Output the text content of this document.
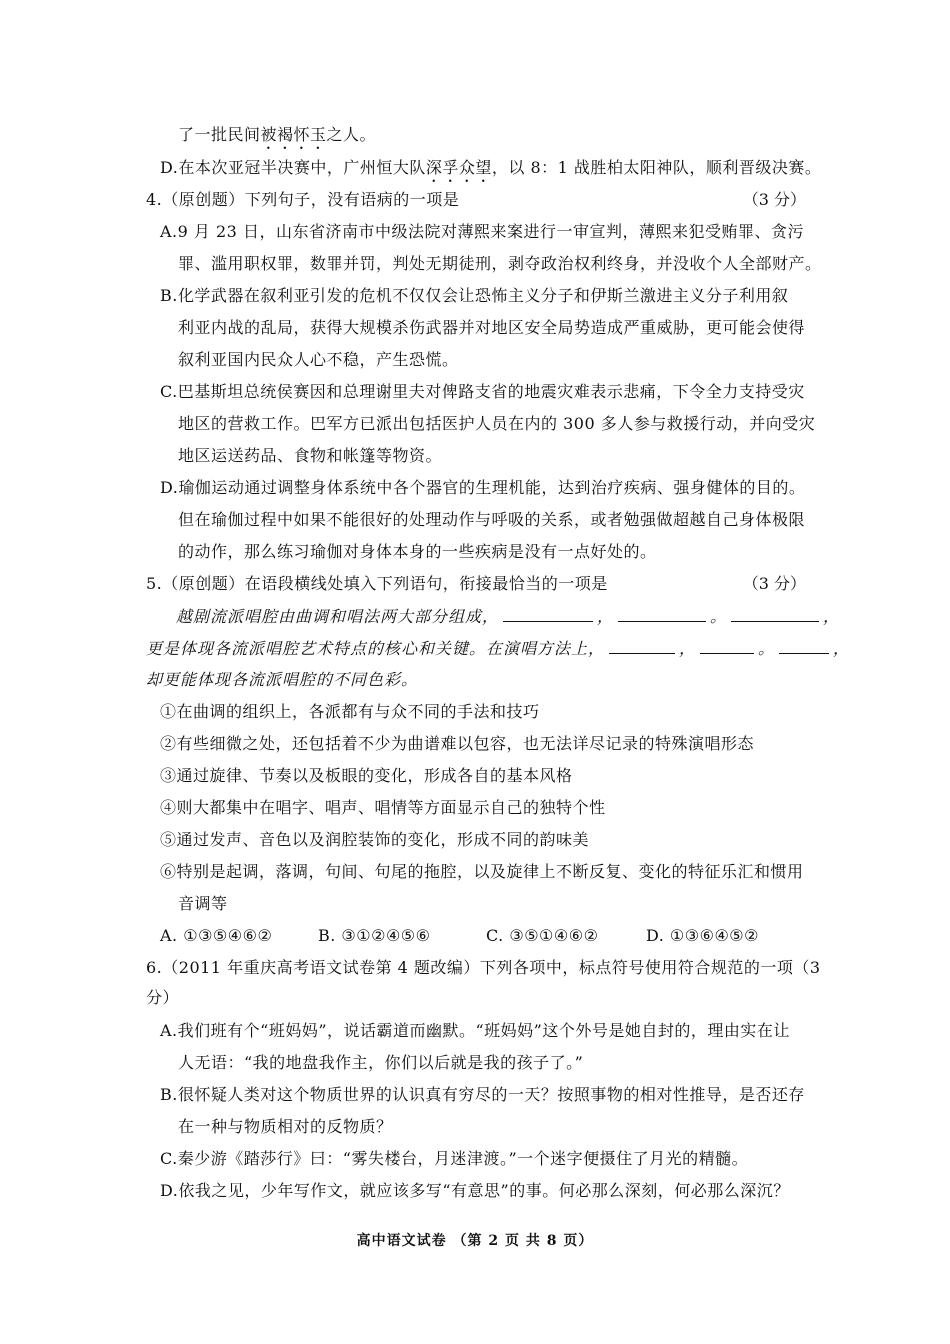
了一批民间被褐怀玉之人。
D.在本次亚冠半决赛中，广州恒大队深孚众望，以 8：1 战胜柏太阳神队，顺利晋级决赛。
4.（原创题）下列句子，没有语病的一项是	（3 分）
A.9 月 23 日，山东省济南市中级法院对薄熙来案进行一审宣判，薄熙来犯受贿罪、贪污
罪、滥用职权罪，数罪并罚，判处无期徒刑，剥夺政治权利终身，并没收个人全部财产。
B.化学武器在叙利亚引发的危机不仅仅会让恐怖主义分子和伊斯兰激进主义分子利用叙
利亚内战的乱局，获得大规模杀伤武器并对地区安全局势造成严重威胁，更可能会使得
叙利亚国内民众人心不稳，产生恐慌。
C.巴基斯坦总统侯赛因和总理谢里夫对俾路支省的地震灾难表示悲痛，下令全力支持受灾
地区的营救工作。巴军方已派出包括医护人员在内的 300 多人参与救援行动，并向受灾
地区运送药品、食物和帐篷等物资。
D.瑜伽运动通过调整身体系统中各个器官的生理机能，达到治疗疾病、强身健体的目的。
但在瑜伽过程中如果不能很好的处理动作与呼吸的关系，或者勉强做超越自己身体极限
的动作，那么练习瑜伽对身体本身的一些疾病是没有一点好处的。
5.（原创题）在语段横线处填入下列语句，衔接最恰当的一项是	（3 分）
越剧流派唱腔由曲调和唱法两大部分组成，	，	。	，
更是体现各流派唱腔艺术特点的核心和关键。在演唱方法上，	，	。	，
却更能体现各流派唱腔的不同色彩。
①在曲调的组织上，各派都有与众不同的手法和技巧
②有些细微之处，还包括着不少为曲谱难以包容，也无法详尽记录的特殊演唱形态
③通过旋律、节奏以及板眼的变化，形成各自的基本风格
④则大都集中在唱字、唱声、唱情等方面显示自己的独特个性
⑤通过发声、音色以及润腔装饰的变化，形成不同的韵味美
⑥特别是起调，落调，句间、句尾的拖腔，以及旋律上不断反复、变化的特征乐汇和惯用
音调等
A. ①③⑤④⑥②	B. ③①②④⑤⑥	C. ③⑤①④⑥②	D. ①③⑥④⑤②
6.（2011 年重庆高考语文试卷第 4 题改编）下列各项中，标点符号使用符合规范的一项（3
分）
A.我们班有个“班妈妈”，说话霸道而幽默。“班妈妈”这个外号是她自封的，理由实在让
人无语：“我的地盘我作主，你们以后就是我的孩子了。”
B.很怀疑人类对这个物质世界的认识真有穷尽的一天？按照事物的相对性推导，是否还存
在一种与物质相对的反物质？
C.秦少游《踏莎行》曰：“雾失楼台，月迷津渡。”一个迷字便摄住了月光的精髓。
D.依我之见，少年写作文，就应该多写“有意思”的事。何必那么深刻，何必那么深沉？
高中语文试卷 （第 2 页 共 8 页）
